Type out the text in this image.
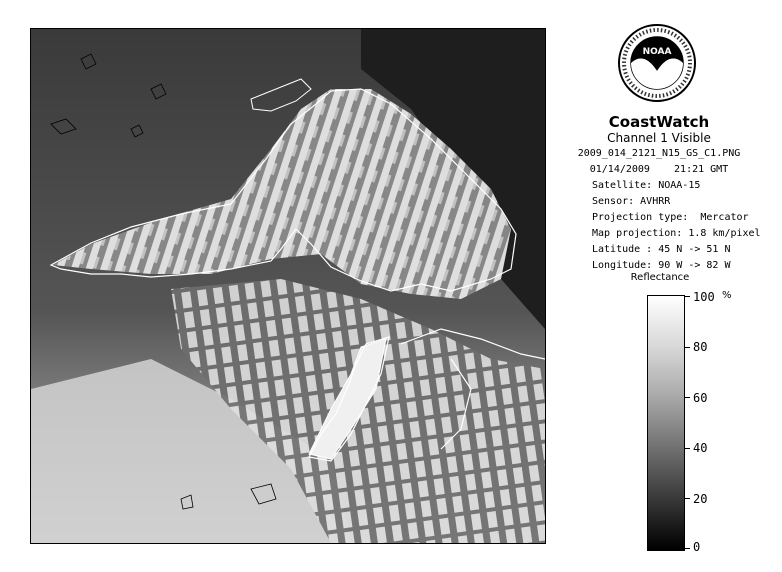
NOAA
CoastWatch
Channel 1 Visible
2009_014_2121_N15_GS_C1.PNG
01/14/2009    21:21 GMT
Satellite: NOAA-15
Sensor: AVHRR
Projection type:  Mercator
Map projection: 1.8 km/pixel
Latitude : 45 N -> 51 N
Longitude: 90 W -> 82 W
Reflectance
%
100
80
60
40
20
0
